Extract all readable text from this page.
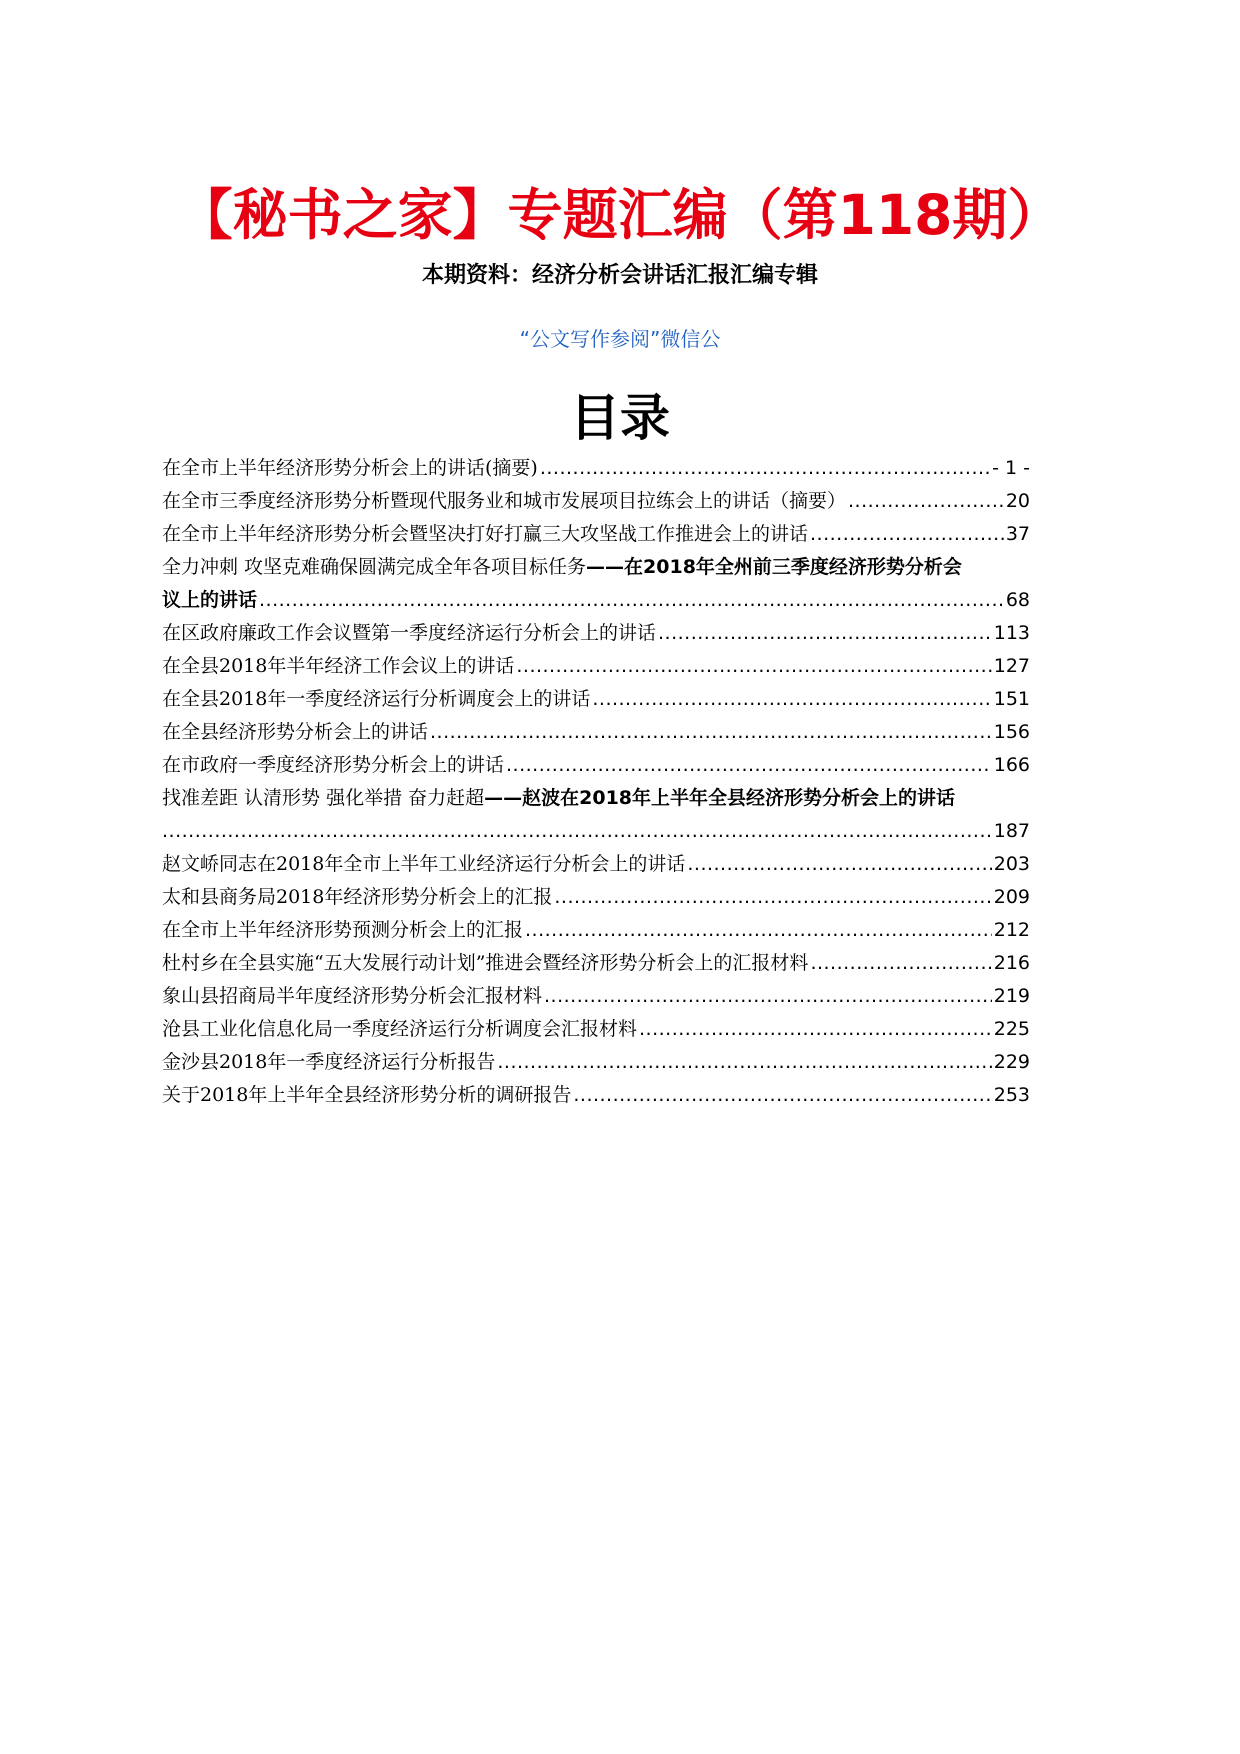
【秘书之家】专题汇编（第118期）
本期资料：经济分析会讲话汇报汇编专辑
“公文写作参阅”微信公
目录
在全市上半年经济形势分析会上的讲话(摘要) .....	- 1 -
在全市三季度经济形势分析暨现代服务业和城市发展项目拉练会上的讲话（摘要） .....	20
在全市上半年经济形势分析会暨坚决打好打赢三大攻坚战工作推进会上的讲话 .....	37
全力冲刺 攻坚克难确保圆满完成全年各项目标任务——在2018年全州前三季度经济形势分析会
议上的讲话 .....	68
在区政府廉政工作会议暨第一季度经济运行分析会上的讲话 .....	113
在全县2018年半年经济工作会议上的讲话 .....	127
在全县2018年一季度经济运行分析调度会上的讲话 .....	151
在全县经济形势分析会上的讲话 .....	156
在市政府一季度经济形势分析会上的讲话 .....	166
找准差距 认清形势 强化举措 奋力赶超——赵波在2018年上半年全县经济形势分析会上的讲话
.....
187
赵文峤同志在2018年全市上半年工业经济运行分析会上的讲话 .....	203
太和县商务局2018年经济形势分析会上的汇报 .....	209
在全市上半年经济形势预测分析会上的汇报 .....	212
杜村乡在全县实施“五大发展行动计划”推进会暨经济形势分析会上的汇报材料 .....	216
象山县招商局半年度经济形势分析会汇报材料 .....	219
沧县工业化信息化局一季度经济运行分析调度会汇报材料 .....	225
金沙县2018年一季度经济运行分析报告 .....	229
关于2018年上半年全县经济形势分析的调研报告 .....	253
